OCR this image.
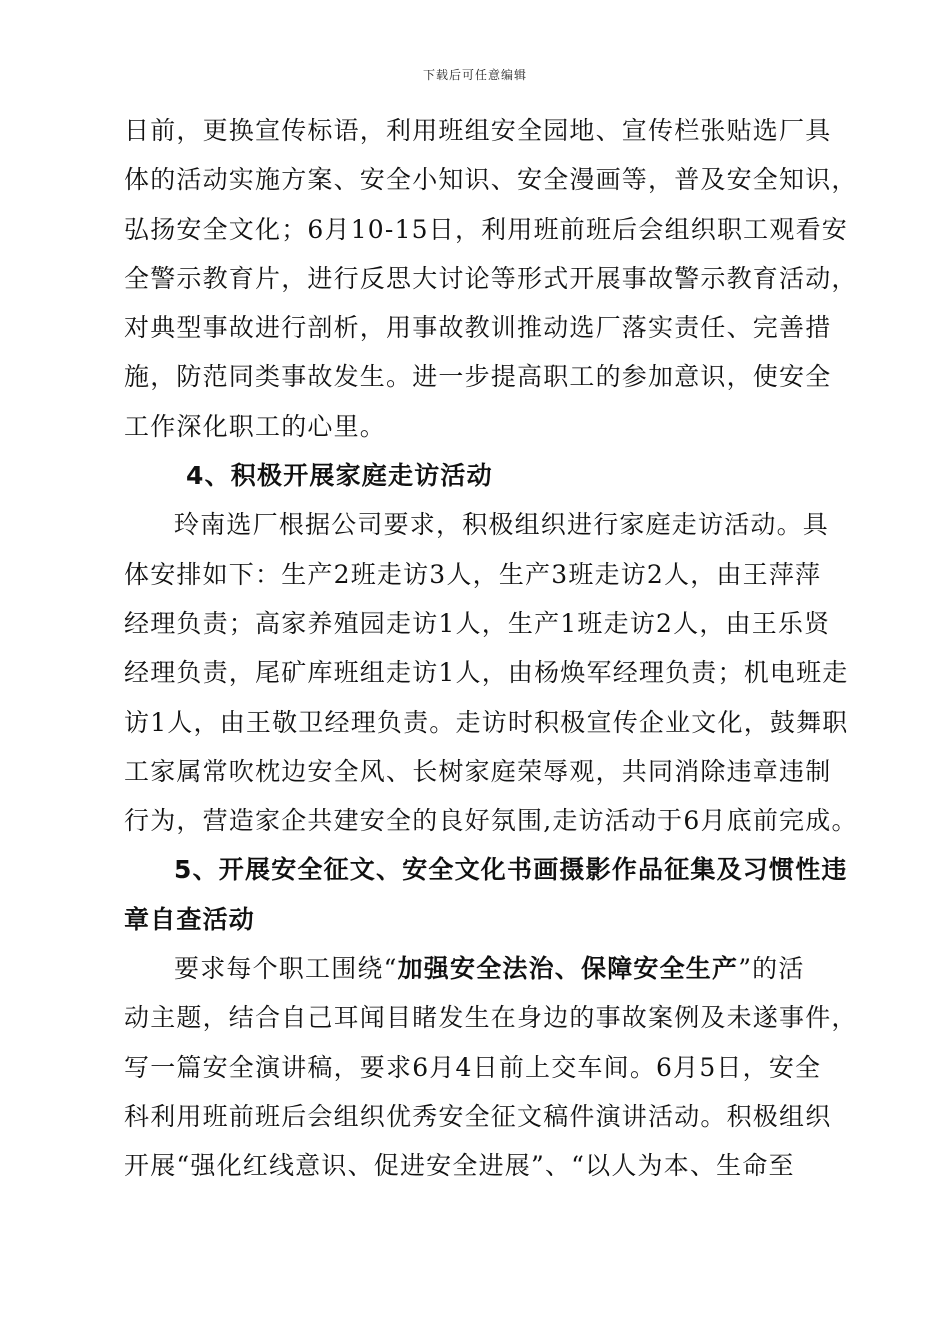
下载后可任意编辑
日前，更换宣传标语，利用班组安全园地、宣传栏张贴选厂具
体的活动实施方案、安全小知识、安全漫画等，普及安全知识，
弘扬安全文化；6月10-15日，利用班前班后会组织职工观看安
全警示教育片，进行反思大讨论等形式开展事故警示教育活动，
对典型事故进行剖析，用事故教训推动选厂落实责任、完善措
施，防范同类事故发生。进一步提高职工的参加意识，使安全
工作深化职工的心里。
4、积极开展家庭走访活动
玲南选厂根据公司要求，积极组织进行家庭走访活动。具
体安排如下：生产2班走访3人，生产3班走访2人，由王萍萍
经理负责；高家养殖园走访1人，生产1班走访2人，由王乐贤
经理负责，尾矿库班组走访1人，由杨焕军经理负责；机电班走
访1人，由王敬卫经理负责。走访时积极宣传企业文化，鼓舞职
工家属常吹枕边安全风、长树家庭荣辱观，共同消除违章违制
行为，营造家企共建安全的良好氛围,走访活动于6月底前完成。
5、开展安全征文、安全文化书画摄影作品征集及习惯性违
章自查活动
要求每个职工围绕“加强安全法治、保障安全生产”的活
动主题，结合自己耳闻目睹发生在身边的事故案例及未遂事件，
写一篇安全演讲稿，要求6月4日前上交车间。6月5日，安全
科利用班前班后会组织优秀安全征文稿件演讲活动。积极组织
开展“强化红线意识、促进安全进展”、“以人为本、生命至
